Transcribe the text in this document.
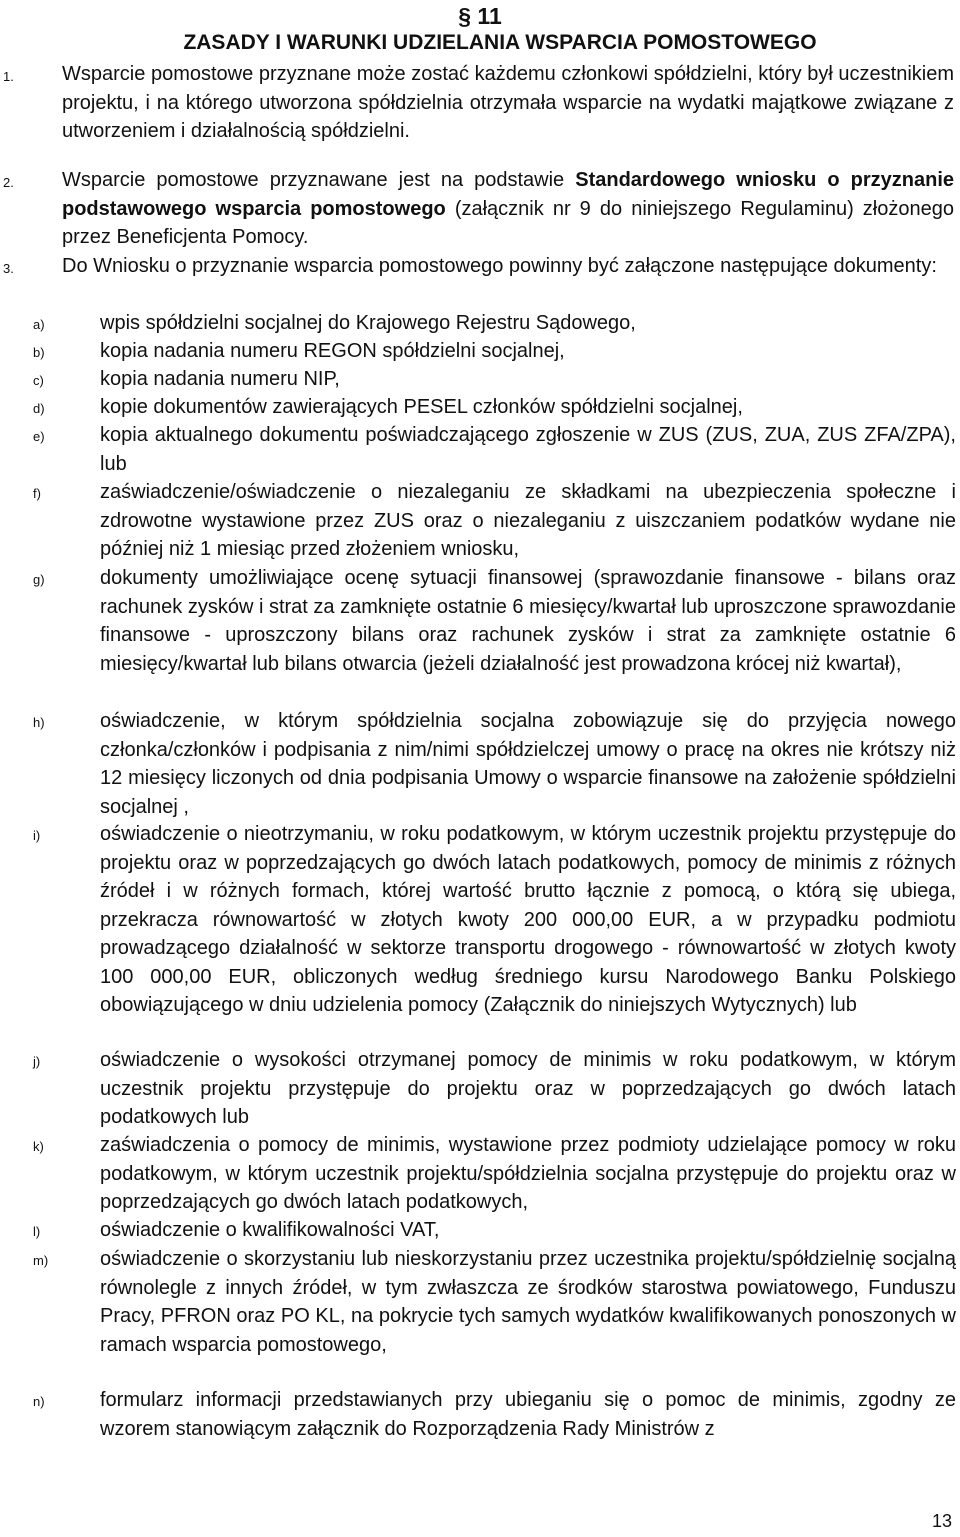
§ 11
ZASADY I WARUNKI UDZIELANIA WSPARCIA POMOSTOWEGO
1. Wsparcie pomostowe przyznane może zostać każdemu członkowi spółdzielni, który był uczestnikiem projektu, i na którego utworzona spółdzielnia otrzymała wsparcie na wydatki majątkowe związane z utworzeniem i działalnością spółdzielni.
2. Wsparcie pomostowe przyznawane jest na podstawie Standardowego wniosku o przyznanie podstawowego wsparcia pomostowego (załącznik nr 9 do niniejszego Regulaminu) złożonego przez Beneficjenta Pomocy.
3. Do Wniosku o przyznanie wsparcia pomostowego powinny być załączone następujące dokumenty:
a)	wpis spółdzielni socjalnej do Krajowego Rejestru Sądowego,
b)	kopia nadania numeru REGON spółdzielni socjalnej,
c)	kopia nadania numeru NIP,
d)	kopie dokumentów zawierających PESEL członków spółdzielni socjalnej,
e)	kopia aktualnego dokumentu poświadczającego zgłoszenie w ZUS (ZUS, ZUA, ZUS ZFA/ZPA), lub
f)	zaświadczenie/oświadczenie o niezaleganiu ze składkami na ubezpieczenia społeczne i zdrowotne wystawione przez ZUS oraz o niezaleganiu z uiszczaniem podatków wydane nie później niż 1 miesiąc przed złożeniem wniosku,
g)	dokumenty umożliwiające ocenę sytuacji finansowej (sprawozdanie finansowe - bilans oraz rachunek zysków i strat za zamknięte ostatnie 6 miesięcy/kwartał lub uproszczone sprawozdanie finansowe - uproszczony bilans oraz rachunek zysków i strat za zamknięte ostatnie 6 miesięcy/kwartał lub bilans otwarcia (jeżeli działalność jest prowadzona krócej niż kwartał),
h)	oświadczenie, w którym spółdzielnia socjalna zobowiązuje się do przyjęcia nowego członka/członków i podpisania z nim/nimi spółdzielczej umowy o pracę na okres nie krótszy niż 12 miesięcy liczonych od dnia podpisania Umowy o wsparcie finansowe na założenie spółdzielni socjalnej ,
i)	oświadczenie o nieotrzymaniu, w roku podatkowym, w którym uczestnik projektu przystępuje do projektu oraz w poprzedzających go dwóch latach podatkowych, pomocy de minimis z różnych źródeł i w różnych formach, której wartość brutto łącznie z pomocą, o którą się ubiega, przekracza równowartość w złotych kwoty 200 000,00 EUR, a w przypadku podmiotu prowadzącego działalność w sektorze transportu drogowego - równowartość w złotych kwoty 100 000,00 EUR, obliczonych według średniego kursu Narodowego Banku Polskiego obowiązującego w dniu udzielenia pomocy (Załącznik do niniejszych Wytycznych) lub
j)	oświadczenie o wysokości otrzymanej pomocy de minimis w roku podatkowym, w którym uczestnik projektu przystępuje do projektu oraz w poprzedzających go dwóch latach podatkowych lub
k)	zaświadczenia o pomocy de minimis, wystawione przez podmioty udzielające pomocy w roku podatkowym, w którym uczestnik projektu/spółdzielnia socjalna przystępuje do projektu oraz w poprzedzających go dwóch latach podatkowych,
l)	oświadczenie o kwalifikowalności VAT,
m)	oświadczenie o skorzystaniu lub nieskorzystaniu przez uczestnika projektu/spółdzielnię socjalną równolegle z innych źródeł, w tym zwłaszcza ze środków starostwa powiatowego, Funduszu Pracy, PFRON oraz PO KL, na pokrycie tych samych wydatków kwalifikowanych ponoszonych w ramach wsparcia pomostowego,
n)	formularz informacji przedstawianych przy ubieganiu się o pomoc de minimis, zgodny ze wzorem stanowiącym załącznik do Rozporządzenia Rady Ministrów z
13
